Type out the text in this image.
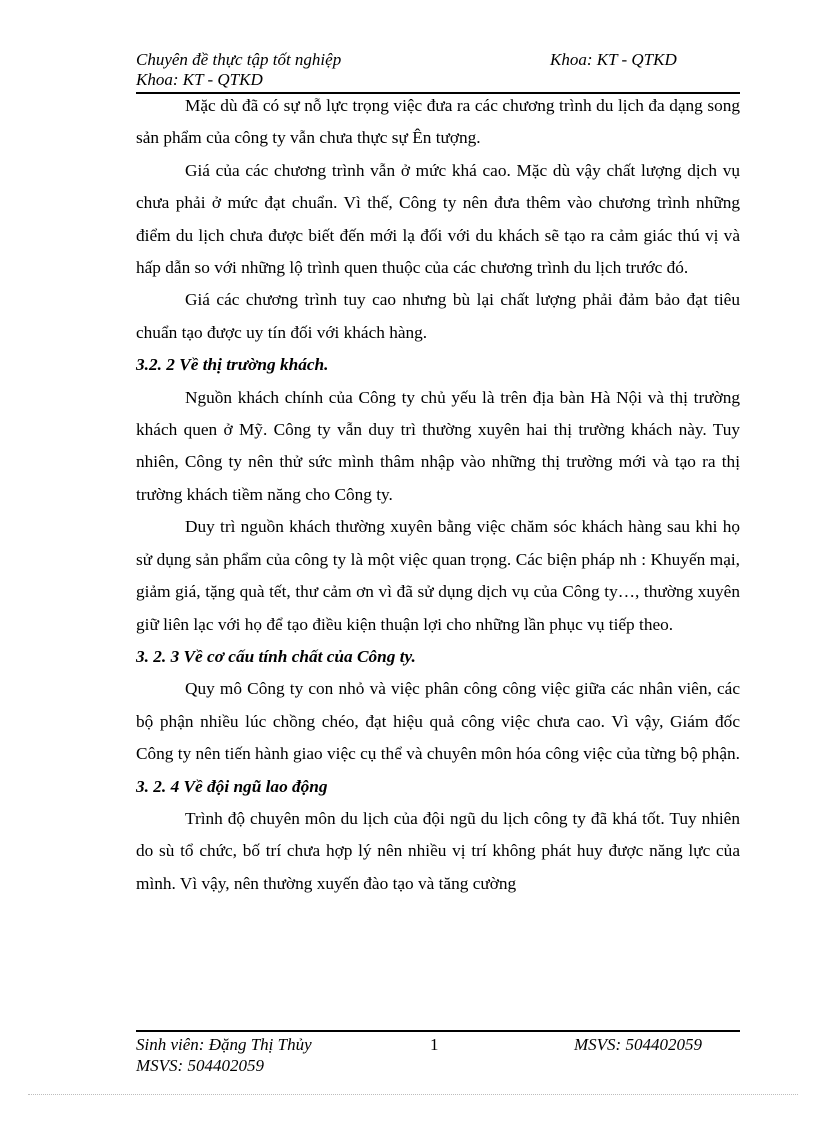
Chuyên đề thực tập tốt nghiệp	Khoa: KT - QTKD
Khoa: KT - QTKD

Mặc dù đã có sự nỗ lực trọng việc đưa ra các chương trình du lịch đa dạng song sản phẩm của công ty vẫn chưa thực sự Ên tượng.

Giá của các chương trình vẫn ở mức khá cao. Mặc dù vậy chất lượng dịch vụ chưa phải ở mức đạt chuẩn. Vì thế, Công ty nên đưa thêm vào chương trình những điểm du lịch chưa được biết đến mới lạ đối với du khách sẽ tạo ra cảm giác thú vị và hấp dẫn so với những lộ trình quen thuộc của các chương trình du lịch trước đó.

Giá các chương trình tuy cao nhưng bù lại chất lượng phải đảm bảo đạt tiêu chuẩn tạo được uy tín đối với khách hàng.

3.2. 2 Về thị trường khách.

Nguồn khách chính của Công ty chủ yếu là trên địa bàn Hà Nội và thị trường khách quen ở Mỹ. Công ty vẫn duy trì thường xuyên hai thị trường khách này. Tuy nhiên, Công ty nên thử sức mình thâm nhập vào những thị trường mới và tạo ra thị trường khách tiềm năng cho Công ty.

Duy trì nguồn khách thường xuyên bằng việc chăm sóc khách hàng sau khi họ sử dụng sản phẩm của công ty là một việc quan trọng. Các biện pháp nh : Khuyến mại, giảm giá, tặng quà tết, thư cảm ơn vì đã sử dụng dịch vụ của Công ty…, thường xuyên giữ liên lạc với họ để tạo điều kiện thuận lợi cho những lần phục vụ tiếp theo.

3. 2. 3 Về cơ cấu tính chất của Công ty.

Quy mô Công ty con nhỏ và việc phân công công việc giữa các nhân viên, các bộ phận nhiều lúc chồng chéo, đạt hiệu quả công việc chưa cao. Vì vậy, Giám đốc Công ty nên tiến hành giao việc cụ thể và chuyên môn hóa công việc của từng bộ phận.

3. 2. 4 Về đội ngũ lao động

Trình độ chuyên môn du lịch của đội ngũ du lịch công ty đã khá tốt. Tuy nhiên do sù tổ chức, bố trí chưa hợp lý nên nhiều vị trí không phát huy được năng lực của mình. Vì vậy, nên thường xuyến đào tạo và tăng cường

Sinh viên: Đặng Thị Thủy	1	MSVS: 504402059
MSVS: 504402059
